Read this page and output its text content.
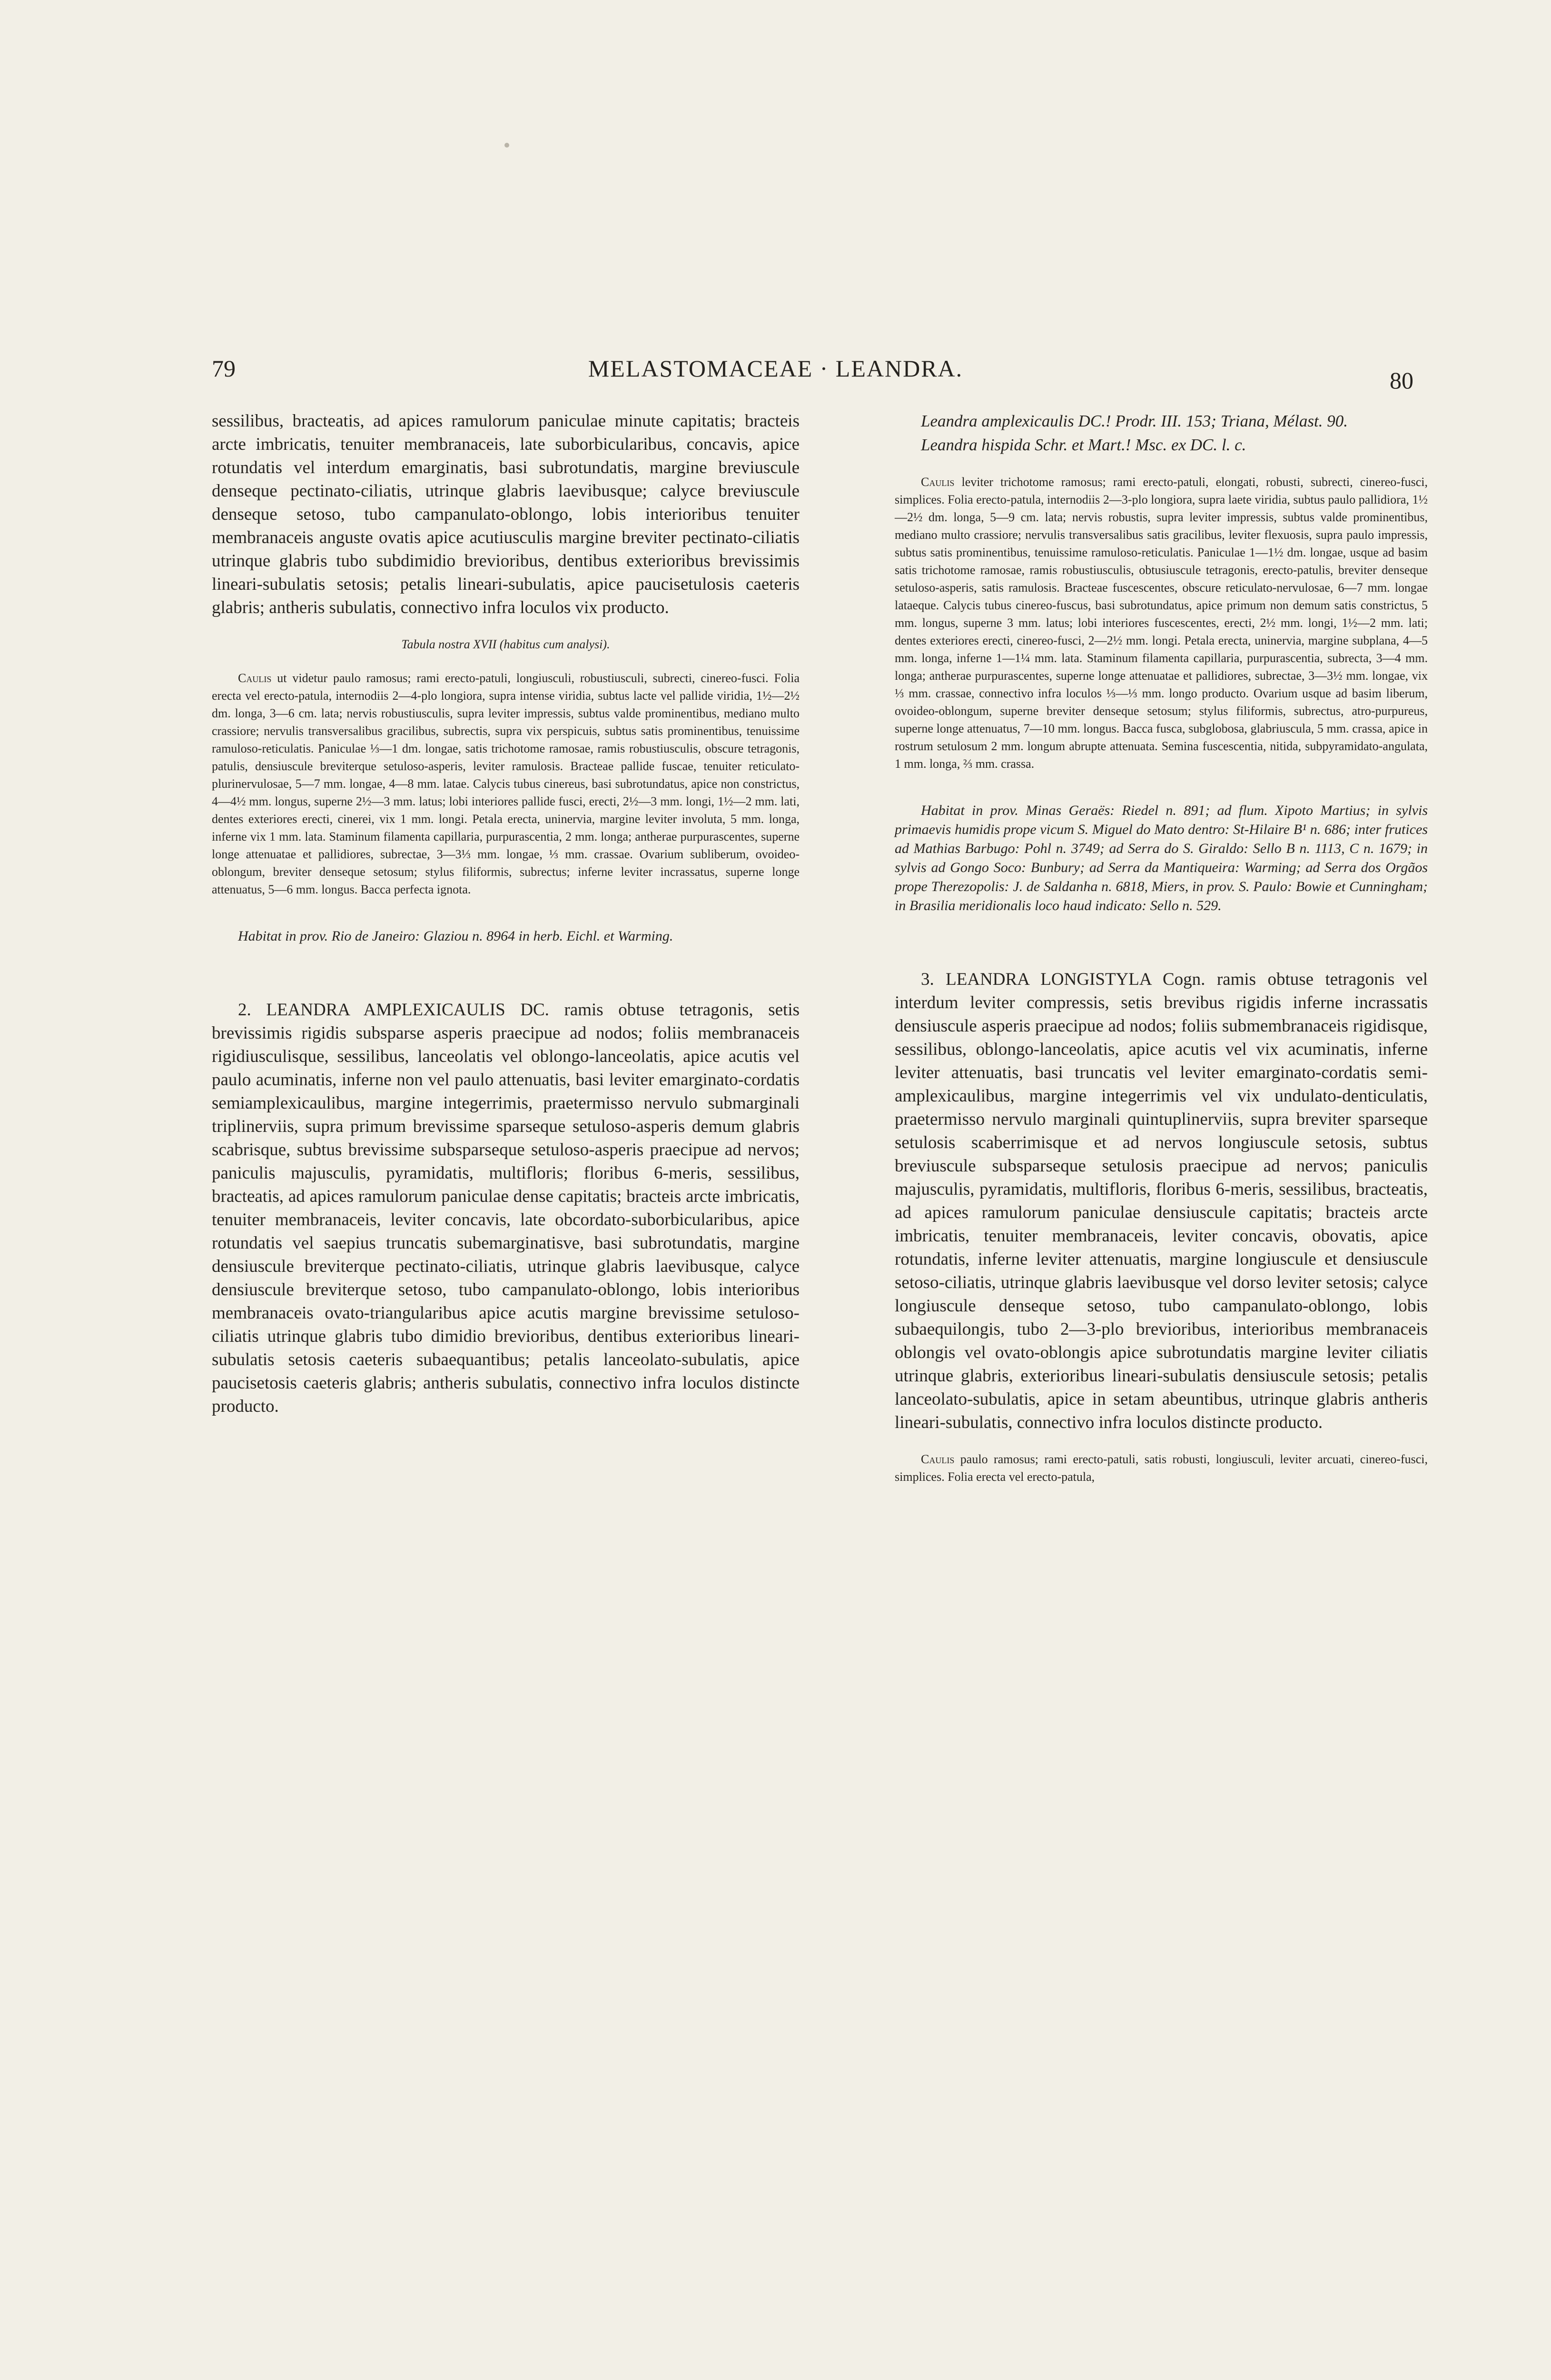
79	MELASTOMACEAE · LEANDRA.	80

sessilibus, bracteatis, ad apices ramulorum paniculae minute capitatis; bracteis arcte imbricatis, tenuiter membranaceis, late suborbicularibus, concavis, apice rotundatis vel interdum emarginatis, basi subrotundatis, margine breviuscule denseque pectinato-ciliatis, utrinque glabris laevibusque; calyce breviuscule denseque setoso, tubo campanulato-oblongo, lobis interioribus tenuiter membranaceis anguste ovatis apice acutiusculis margine breviter pectinato-ciliatis utrinque glabris tubo subdimidio brevioribus, dentibus exterioribus brevissimis lineari-subulatis setosis; petalis lineari-subulatis, apice paucisetulosis caeteris glabris; antheris subulatis, connectivo infra loculos vix producto.

Tabula nostra XVII (habitus cum analysi).

Caulis ut videtur paulo ramosus; rami erecto-patuli, longiusculi, robustiusculi, subrecti, cinereo-fusci. Folia erecta vel erecto-patula, internodiis 2—4-plo longiora, supra intense viridia, subtus lacte vel pallide viridia, 1½—2½ dm. longa, 3—6 cm. lata; nervis robustiusculis, supra leviter impressis, subtus valde prominentibus, mediano multo crassiore; nervulis transversalibus gracilibus, subrectis, supra vix perspicuis, subtus satis prominentibus, tenuissime ramuloso-reticulatis. Paniculae ⅓—1 dm. longae, satis trichotome ramosae, ramis robustiusculis, obscure tetragonis, patulis, densiuscule breviterque setuloso-asperis, leviter ramulosis. Bracteae pallide fuscae, tenuiter reticulato-plurinervulosae, 5—7 mm. longae, 4—8 mm. latae. Calycis tubus cinereus, basi subrotundatus, apice non constrictus, 4—4½ mm. longus, superne 2½—3 mm. latus; lobi interiores pallide fusci, erecti, 2½—3 mm. longi, 1½—2 mm. lati, dentes exteriores erecti, cinerei, vix 1 mm. longi. Petala erecta, uninervia, margine leviter involuta, 5 mm. longa, inferne vix 1 mm. lata. Staminum filamenta capillaria, purpurascentia, 2 mm. longa; antherae purpurascentes, superne longe attenuatae et pallidiores, subrectae, 3—3⅓ mm. longae, ⅓ mm. crassae. Ovarium subliberum, ovoideo-oblongum, breviter denseque setosum; stylus filiformis, subrectus; inferne leviter incrassatus, superne longe attenuatus, 5—6 mm. longus. Bacca perfecta ignota.

Habitat in prov. Rio de Janeiro: Glaziou n. 8964 in herb. Eichl. et Warming.

2. LEANDRA AMPLEXICAULIS DC. ramis obtuse tetragonis, setis brevissimis rigidis subsparse asperis praecipue ad nodos; foliis membranaceis rigidiusculisque, sessilibus, lanceolatis vel oblongo-lanceolatis, apice acutis vel paulo acuminatis, inferne non vel paulo attenuatis, basi leviter emarginato-cordatis semiamplexicaulibus, margine integerrimis, praetermisso nervulo submarginali triplinerviis, supra primum brevissime sparseque setuloso-asperis demum glabris scabrisque, subtus brevissime subsparseque setuloso-asperis praecipue ad nervos; paniculis majusculis, pyramidatis, multifloris; floribus 6-meris, sessilibus, bracteatis, ad apices ramulorum paniculae dense capitatis; bracteis arcte imbricatis, tenuiter membranaceis, leviter concavis, late obcordato-suborbicularibus, apice rotundatis vel saepius truncatis subemarginatisve, basi subrotundatis, margine densiuscule breviterque pectinato-ciliatis, utrinque glabris laevibusque, calyce densiuscule breviterque setoso, tubo campanulato-oblongo, lobis interioribus membranaceis ovato-triangularibus apice acutis margine brevissime setuloso-ciliatis utrinque glabris tubo dimidio brevioribus, dentibus exterioribus lineari-subulatis setosis caeteris subaequantibus; petalis lanceolato-subulatis, apice paucisetosis caeteris glabris; antheris subulatis, connectivo infra loculos distincte producto.

Leandra amplexicaulis DC.! Prodr. III. 153; Triana, Mélast. 90.

Leandra hispida Schr. et Mart.! Msc. ex DC. l. c.

Caulis leviter trichotome ramosus; rami erecto-patuli, elongati, robusti, subrecti, cinereo-fusci, simplices. Folia erecto-patula, internodiis 2—3-plo longiora, supra laete viridia, subtus paulo pallidiora, 1½—2½ dm. longa, 5—9 cm. lata; nervis robustis, supra leviter impressis, subtus valde prominentibus, mediano multo crassiore; nervulis transversalibus satis gracilibus, leviter flexuosis, supra paulo impressis, subtus satis prominentibus, tenuissime ramuloso-reticulatis. Paniculae 1—1½ dm. longae, usque ad basim satis trichotome ramosae, ramis robustiusculis, obtusiuscule tetragonis, erecto-patulis, breviter denseque setuloso-asperis, satis ramulosis. Bracteae fuscescentes, obscure reticulato-nervulosae, 6—7 mm. longae lataeque. Calycis tubus cinereo-fuscus, basi subrotundatus, apice primum non demum satis constrictus, 5 mm. longus, superne 3 mm. latus; lobi interiores fuscescentes, erecti, 2½ mm. longi, 1½—2 mm. lati; dentes exteriores erecti, cinereo-fusci, 2—2½ mm. longi. Petala erecta, uninervia, margine subplana, 4—5 mm. longa, inferne 1—1¼ mm. lata. Staminum filamenta capillaria, purpurascentia, subrecta, 3—4 mm. longa; antherae purpurascentes, superne longe attenuatae et pallidiores, subrectae, 3—3½ mm. longae, vix ⅓ mm. crassae, connectivo infra loculos ⅓—⅓ mm. longo producto. Ovarium usque ad basim liberum, ovoideo-oblongum, superne breviter denseque setosum; stylus filiformis, subrectus, atro-purpureus, superne longe attenuatus, 7—10 mm. longus. Bacca fusca, subglobosa, glabriuscula, 5 mm. crassa, apice in rostrum setulosum 2 mm. longum abrupte attenuata. Semina fuscescentia, nitida, subpyramidato-angulata, 1 mm. longa, ⅔ mm. crassa.

Habitat in prov. Minas Geraës: Riedel n. 891; ad flum. Xipoto Martius; in sylvis primaevis humidis prope vicum S. Miguel do Mato dentro: St-Hilaire B¹ n. 686; inter frutices ad Mathias Barbugo: Pohl n. 3749; ad Serra do S. Giraldo: Sello B n. 1113, C n. 1679; in sylvis ad Gongo Soco: Bunbury; ad Serra da Mantiqueira: Warming; ad Serra dos Orgãos prope Therezopolis: J. de Saldanha n. 6818, Miers, in prov. S. Paulo: Bowie et Cunningham; in Brasilia meridionalis loco haud indicato: Sello n. 529.

3. LEANDRA LONGISTYLA Cogn. ramis obtuse tetragonis vel interdum leviter compressis, setis brevibus rigidis inferne incrassatis densiuscule asperis praecipue ad nodos; foliis submembranaceis rigidisque, sessilibus, oblongo-lanceolatis, apice acutis vel vix acuminatis, inferne leviter attenuatis, basi truncatis vel leviter emarginato-cordatis semi-amplexicaulibus, margine integerrimis vel vix undulato-denticulatis, praetermisso nervulo marginali quintuplinerviis, supra breviter sparseque setulosis scaberrimisque et ad nervos longiuscule setosis, subtus breviuscule subsparseque setulosis praecipue ad nervos; paniculis majusculis, pyramidatis, multifloris, floribus 6-meris, sessilibus, bracteatis, ad apices ramulorum paniculae densiuscule capitatis; bracteis arcte imbricatis, tenuiter membranaceis, leviter concavis, obovatis, apice rotundatis, inferne leviter attenuatis, margine longiuscule et densiuscule setoso-ciliatis, utrinque glabris laevibusque vel dorso leviter setosis; calyce longiuscule denseque setoso, tubo campanulato-oblongo, lobis subaequilongis, tubo 2—3-plo brevioribus, interioribus membranaceis oblongis vel ovato-oblongis apice subrotundatis margine leviter ciliatis utrinque glabris, exterioribus lineari-subulatis densiuscule setosis; petalis lanceolato-subulatis, apice in setam abeuntibus, utrinque glabris antheris lineari-subulatis, connectivo infra loculos distincte producto.

Caulis paulo ramosus; rami erecto-patuli, satis robusti, longiusculi, leviter arcuati, cinereo-fusci, simplices. Folia erecta vel erecto-patula,
